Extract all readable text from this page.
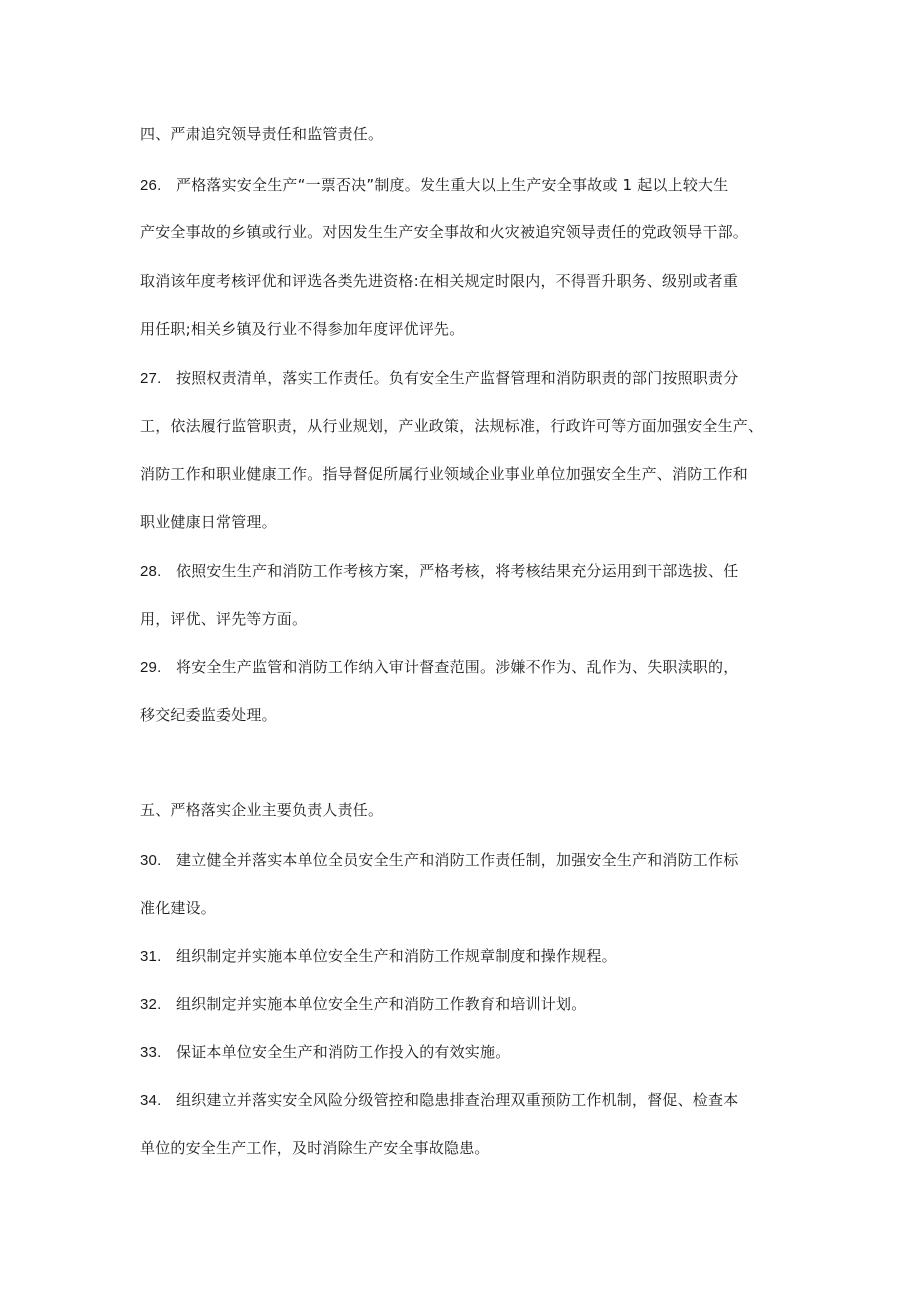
四、严肃追究领导责任和监管责任。
26. 严格落实安全生产“一票否决”制度。发生重大以上生产安全事故或 1 起以上较大生
产安全事故的乡镇或行业。对因发生生产安全事故和火灾被追究领导责任的党政领导干部。
取消该年度考核评优和评选各类先进资格:在相关规定时限内，不得晋升职务、级别或者重
用任职;相关乡镇及行业不得参加年度评优评先。
27. 按照权责清单，落实工作责任。负有安全生产监督管理和消防职责的部门按照职责分
工，依法履行监管职责，从行业规划，产业政策，法规标准，行政许可等方面加强安全生产、
消防工作和职业健康工作。指导督促所属行业领域企业事业单位加强安全生产、消防工作和
职业健康日常管理。
28. 依照安生生产和消防工作考核方案，严格考核，将考核结果充分运用到干部选拔、任
用，评优、评先等方面。
29. 将安全生产监管和消防工作纳入审计督查范围。涉嫌不作为、乱作为、失职渎职的，
移交纪委监委处理。
五、严格落实企业主要负责人责任。
30. 建立健全并落实本单位全员安全生产和消防工作责任制，加强安全生产和消防工作标
准化建设。
31. 组织制定并实施本单位安全生产和消防工作规章制度和操作规程。
32. 组织制定并实施本单位安全生产和消防工作教育和培训计划。
33. 保证本单位安全生产和消防工作投入的有效实施。
34. 组织建立并落实安全风险分级管控和隐患排查治理双重预防工作机制，督促、检查本
单位的安全生产工作，及时消除生产安全事故隐患。
